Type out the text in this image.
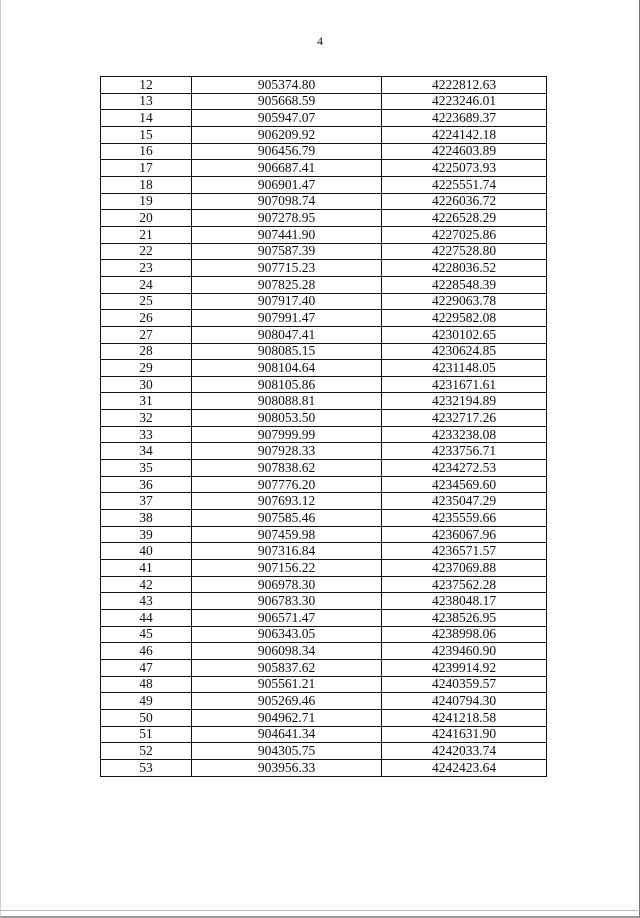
4
12	905374.80	4222812.63
13	905668.59	4223246.01
14	905947.07	4223689.37
15	906209.92	4224142.18
16	906456.79	4224603.89
17	906687.41	4225073.93
18	906901.47	4225551.74
19	907098.74	4226036.72
20	907278.95	4226528.29
21	907441.90	4227025.86
22	907587.39	4227528.80
23	907715.23	4228036.52
24	907825.28	4228548.39
25	907917.40	4229063.78
26	907991.47	4229582.08
27	908047.41	4230102.65
28	908085.15	4230624.85
29	908104.64	4231148.05
30	908105.86	4231671.61
31	908088.81	4232194.89
32	908053.50	4232717.26
33	907999.99	4233238.08
34	907928.33	4233756.71
35	907838.62	4234272.53
36	907776.20	4234569.60
37	907693.12	4235047.29
38	907585.46	4235559.66
39	907459.98	4236067.96
40	907316.84	4236571.57
41	907156.22	4237069.88
42	906978.30	4237562.28
43	906783.30	4238048.17
44	906571.47	4238526.95
45	906343.05	4238998.06
46	906098.34	4239460.90
47	905837.62	4239914.92
48	905561.21	4240359.57
49	905269.46	4240794.30
50	904962.71	4241218.58
51	904641.34	4241631.90
52	904305.75	4242033.74
53	903956.33	4242423.64
